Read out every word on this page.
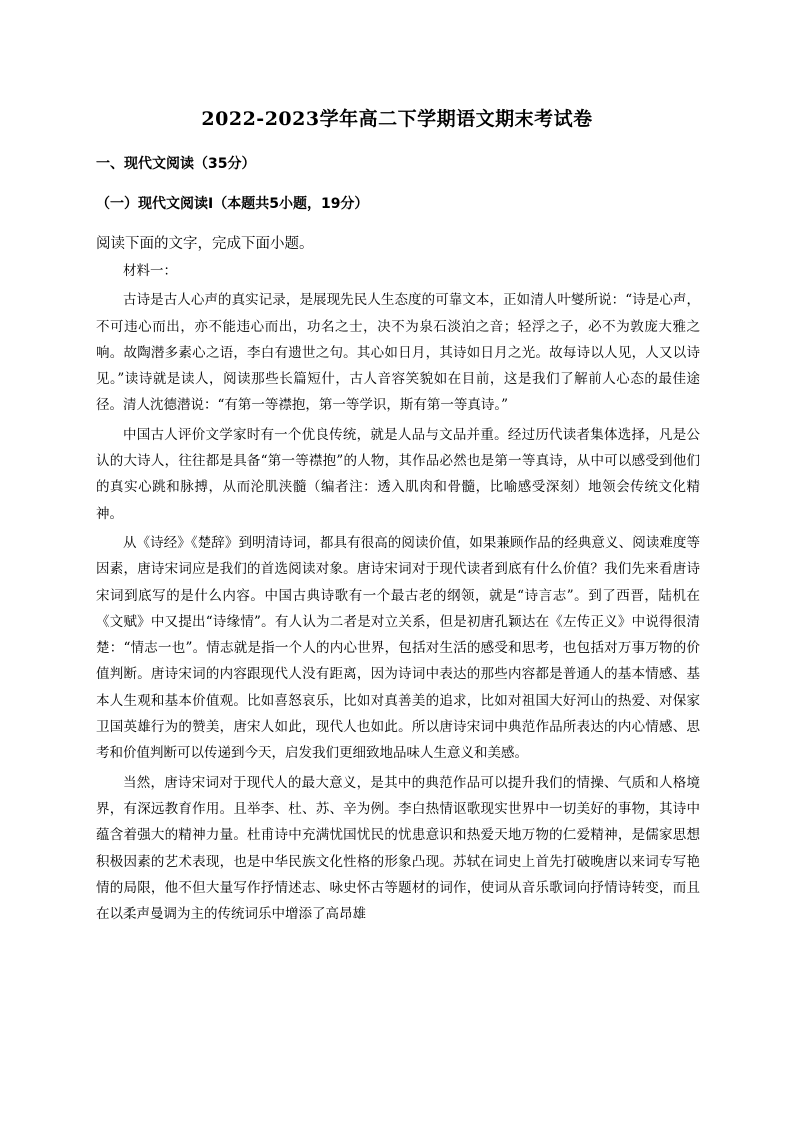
2022-2023学年高二下学期语文期末考试卷
一、现代文阅读（35分）
（一）现代文阅读Ⅰ（本题共5小题，19分）
阅读下面的文字，完成下面小题。

材料一：

古诗是古人心声的真实记录，是展现先民人生态度的可靠文本，正如清人叶燮所说：“诗是心声，不可违心而出，亦不能违心而出，功名之士，决不为泉石淡泊之音；轻浮之子，必不为敦庞大雅之响。故陶潜多素心之语，李白有遗世之句。其心如日月，其诗如日月之光。故每诗以人见，人又以诗见。”读诗就是读人，阅读那些长篇短什，古人音容笑貌如在目前，这是我们了解前人心态的最佳途径。清人沈德潜说：“有第一等襟抱，第一等学识，斯有第一等真诗。”

中国古人评价文学家时有一个优良传统，就是人品与文品并重。经过历代读者集体选择，凡是公认的大诗人，往往都是具备“第一等襟抱”的人物，其作品必然也是第一等真诗，从中可以感受到他们的真实心跳和脉搏，从而沦肌浃髓（编者注：透入肌肉和骨髓，比喻感受深刻）地领会传统文化精神。

从《诗经》《楚辞》到明清诗词，都具有很高的阅读价值，如果兼顾作品的经典意义、阅读难度等因素，唐诗宋词应是我们的首选阅读对象。唐诗宋词对于现代读者到底有什么价值？我们先来看唐诗宋词到底写的是什么内容。中国古典诗歌有一个最古老的纲领，就是“诗言志”。到了西晋，陆机在《文赋》中又提出“诗缘情”。有人认为二者是对立关系，但是初唐孔颖达在《左传正义》中说得很清楚：“情志一也”。情志就是指一个人的内心世界，包括对生活的感受和思考，也包括对万事万物的价值判断。唐诗宋词的内容跟现代人没有距离，因为诗词中表达的那些内容都是普通人的基本情感、基本人生观和基本价值观。比如喜怒哀乐，比如对真善美的追求，比如对祖国大好河山的热爱、对保家卫国英雄行为的赞美，唐宋人如此，现代人也如此。所以唐诗宋词中典范作品所表达的内心情感、思考和价值判断可以传递到今天，启发我们更细致地品味人生意义和美感。

当然，唐诗宋词对于现代人的最大意义，是其中的典范作品可以提升我们的情操、气质和人格境界，有深远教育作用。且举李、杜、苏、辛为例。李白热情讴歌现实世界中一切美好的事物，其诗中蕴含着强大的精神力量。杜甫诗中充满忧国忧民的忧患意识和热爱天地万物的仁爱精神，是儒家思想积极因素的艺术表现，也是中华民族文化性格的形象凸现。苏轼在词史上首先打破晚唐以来词专写艳情的局限，他不但大量写作抒情述志、咏史怀古等题材的词作，使词从音乐歌词向抒情诗转变，而且在以柔声曼调为主的传统词乐中增添了高昂雄
